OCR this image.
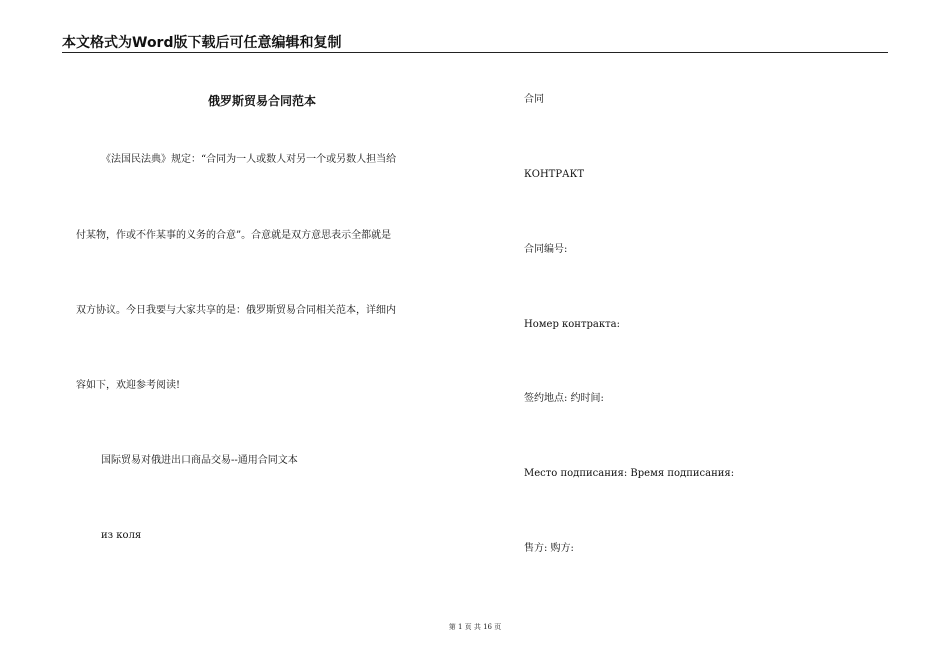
本文格式为Word版下载后可任意编辑和复制
俄罗斯贸易合同范本
《法国民法典》规定：“合同为一人或数人对另一个或另数人担当给
付某物，作或不作某事的义务的合意”。合意就是双方意思表示全都就是
双方协议。今日我要与大家共享的是：俄罗斯贸易合同相关范本，详细内
容如下，欢迎参考阅读!
国际贸易对俄进出口商品交易--通用合同文本
из коля
合同
КОНТРАКТ
合同编号:
Номер контракта:
签约地点: 约时间:
Место подписания: Время подписания:
售方: 购方:
第 1 页 共 16 页
